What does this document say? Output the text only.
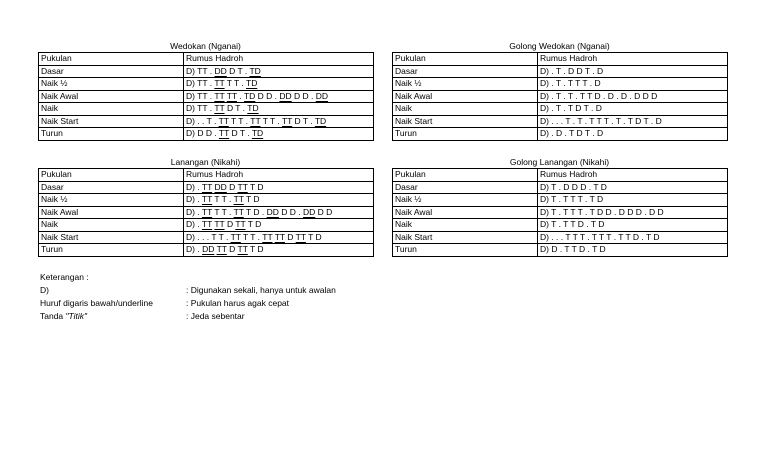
Wedokan (Nganai)
Pukulan	Rumus Hadroh
Dasar	D) TT . DD D T . TD
Naik ½	D) TT . TT T T . TD
Naik Awal	D) TT . TT TT . TD D D . DD D D . DD
Naik	D) TT . TT D T . TD
Naik Start	D) . . T . TT T T . TT T T . TT D T . TD
Turun	D) D D . TT D T . TD
Golong Wedokan (Nganai)
Pukulan	Rumus Hadroh
Dasar	D) . T . D D T . D
Naik ½	D) . T . T T T . D
Naik Awal	D) . T . T . T T D . D . D . D D D
Naik	D) . T . T D T . D
Naik Start	D) . . . T . T . T T T . T . T D T . D
Turun	D) . D . T D T . D
Lanangan (Nikahi)
Pukulan	Rumus Hadroh
Dasar	D) . TT DD D TT T D
Naik ½	D) . TT T T . TT T D
Naik Awal	D) . TT T T . TT T D . DD D D . DD D D
Naik	D) . TT TT D TT T D
Naik Start	D) . . . T T . TT T T . TT TT D TT T D
Turun	D) . DD TT D TT T D
Golong Lanangan (Nikahi)
Pukulan	Rumus Hadroh
Dasar	D) T . D D D . T D
Naik ½	D) T . T T T . T D
Naik Awal	D) T . T T T . T D D . D D D . D D
Naik	D) T . T T D . T D
Naik Start	D) . . . T T T . T T T . T T D . T D
Turun	D) D . T T D . T D
Keterangan :
D)	: Digunakan sekali, hanya untuk awalan
Huruf digaris bawah/underline	: Pukulan harus agak cepat
Tanda "Titik"	: Jeda sebentar
